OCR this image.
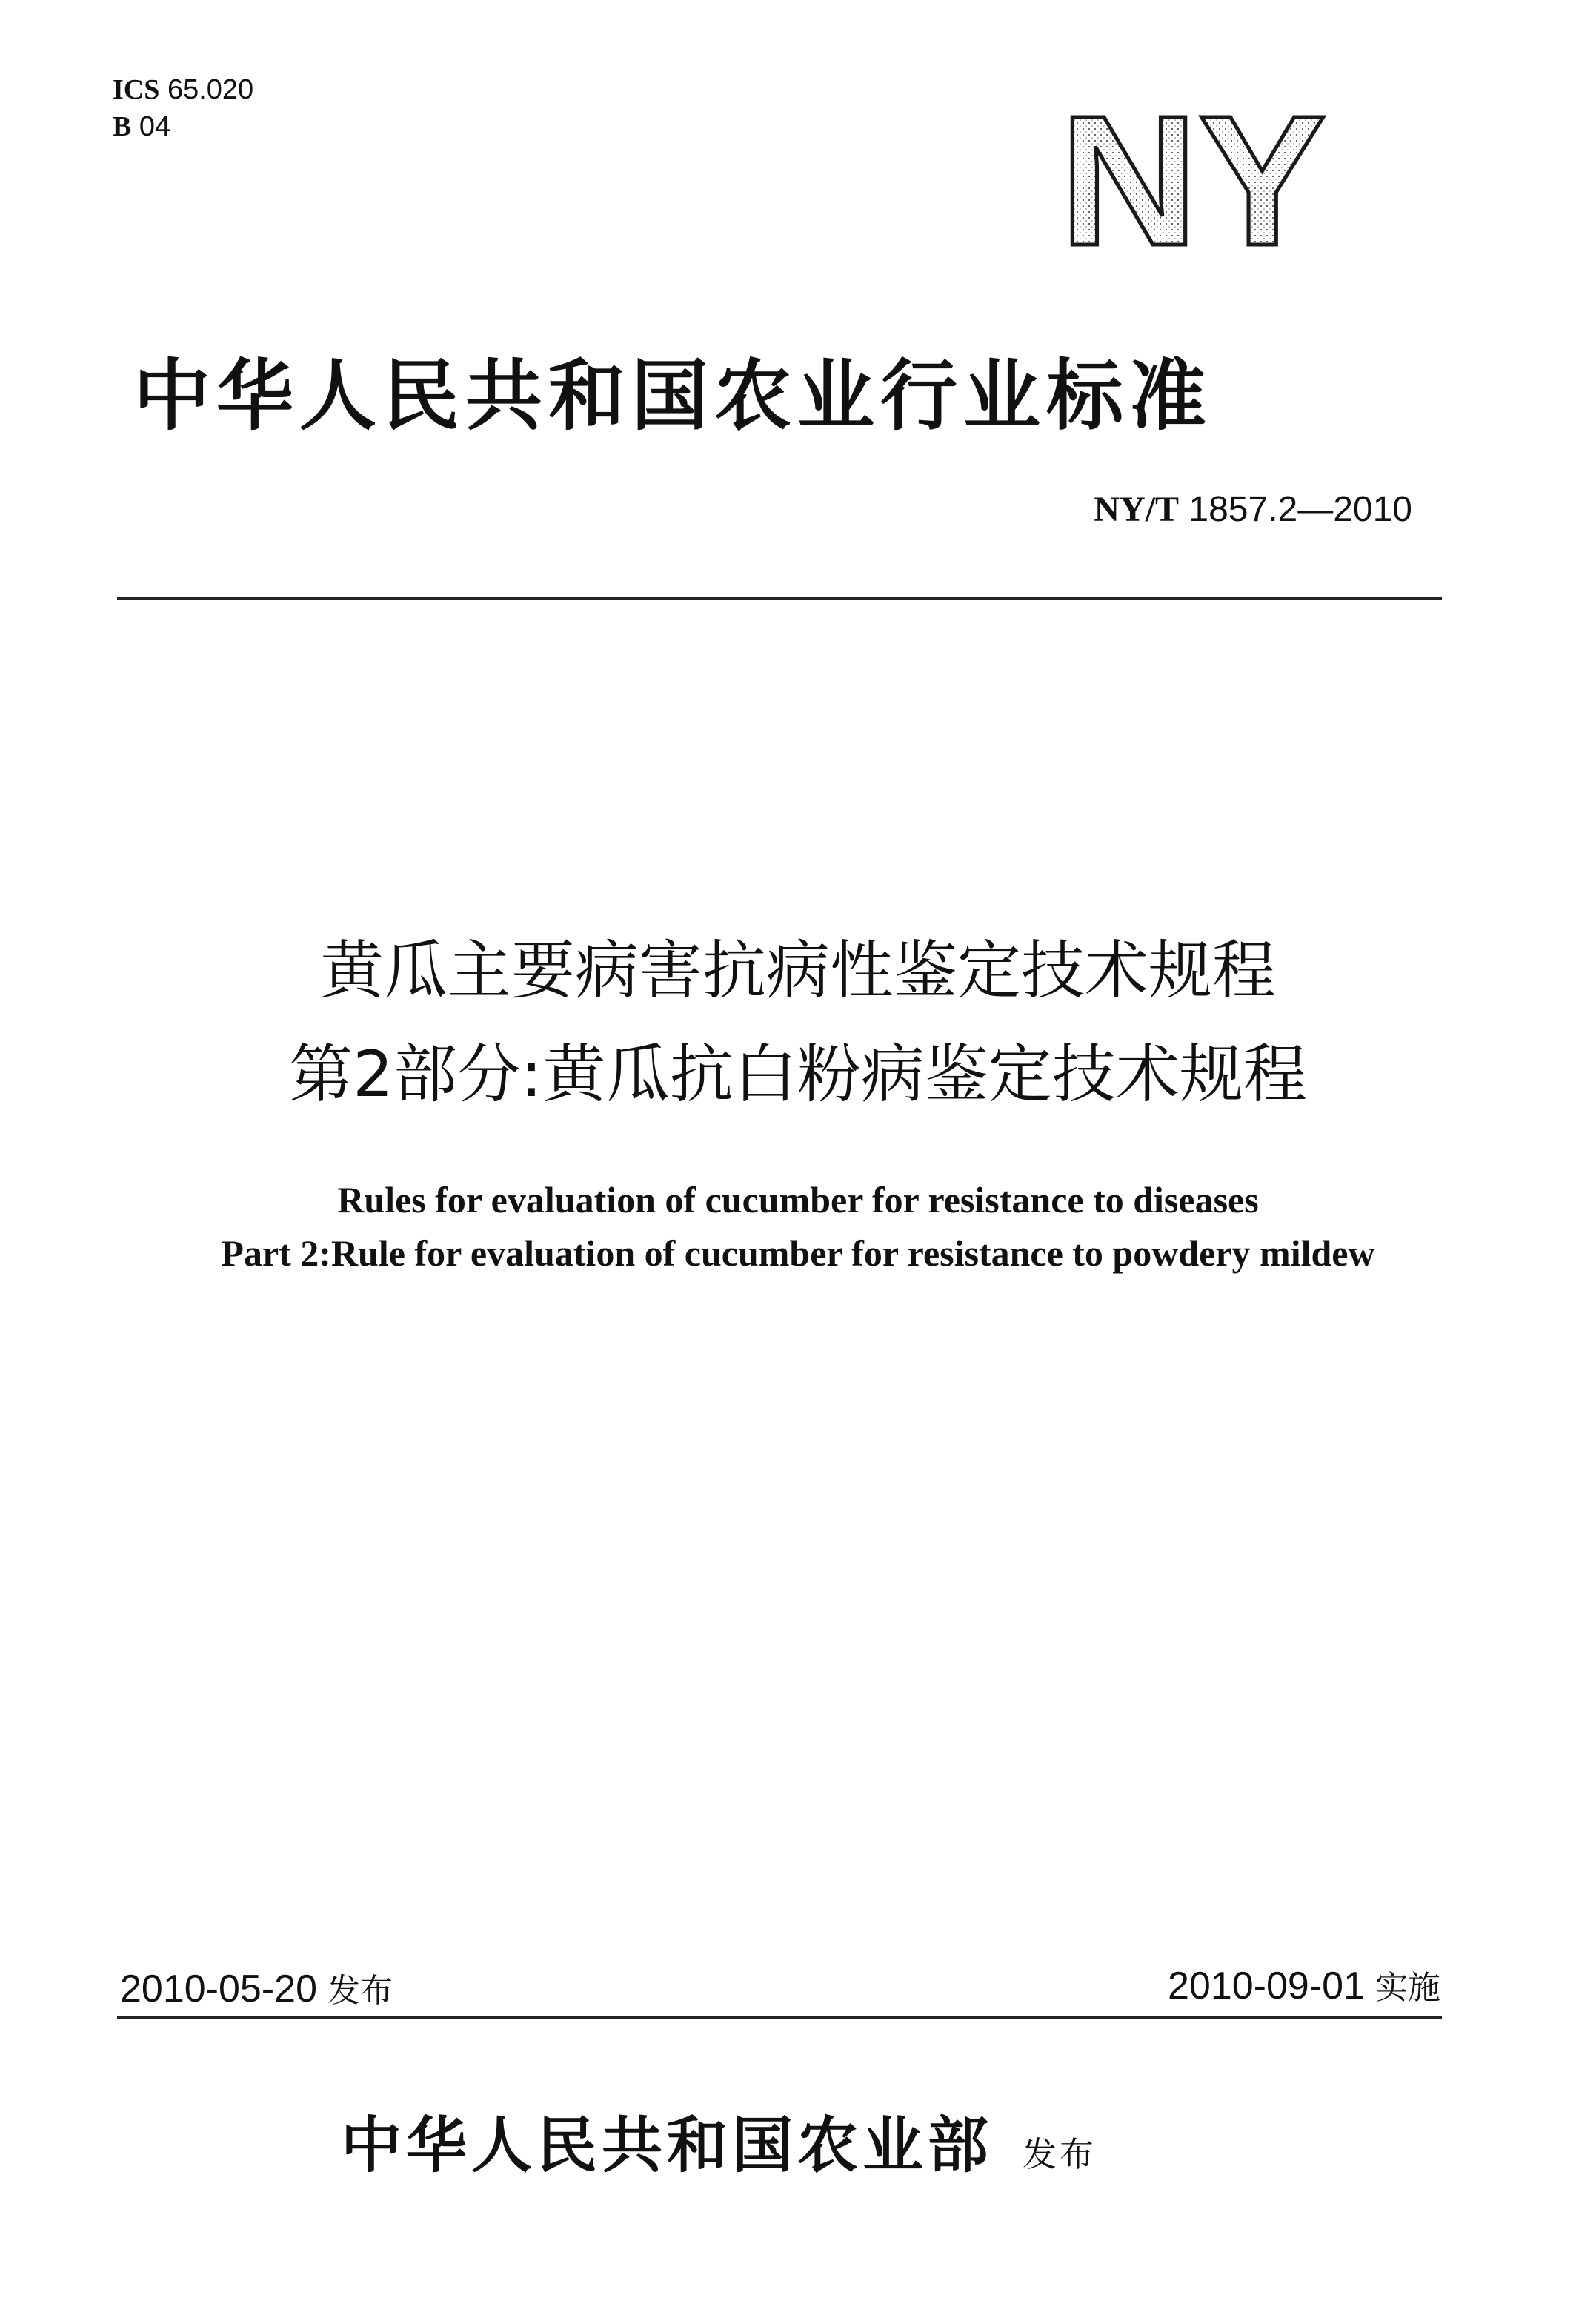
ICS 65.020
B 04	NY
中华人民共和国农业行业标准
NY/T 1857.2—2010
黄瓜主要病害抗病性鉴定技术规程
第2部分:黄瓜抗白粉病鉴定技术规程
Rules for evaluation of cucumber for resistance to diseases
Part 2:Rule for evaluation of cucumber for resistance to powdery mildew
2010-05-20 发布	2010-09-01 实施
中华人民共和国农业部 发布
